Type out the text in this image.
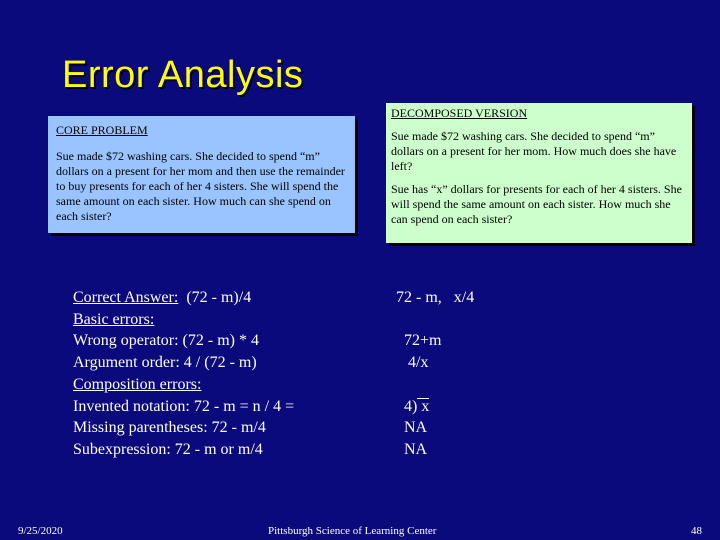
Error Analysis
CORE PROBLEM

Sue made $72 washing cars. She decided to spend “m” dollars on a present for her mom and then use the remainder to buy presents for each of her 4 sisters. She will spend the same amount on each sister. How much can she spend on each sister?

DECOMPOSED VERSION

Sue made $72 washing cars. She decided to spend “m” dollars on a present for her mom. How much does she have left?

Sue has “x” dollars for presents for each of her 4 sisters. She will spend the same amount on each sister. How much she can spend on each sister?

Correct Answer:  (72 - m)/4
Basic errors:
Wrong operator: (72 - m) * 4
Argument order: 4 / (72 - m)
Composition errors:
Invented notation: 72 - m = n / 4 =
Missing parentheses: 72 - m/4
Subexpression: 72 - m or m/4
72 - m,   x/4

72+m
4/x

4) x
NA
NA
9/25/2020	Pittsburgh Science of Learning Center	48
